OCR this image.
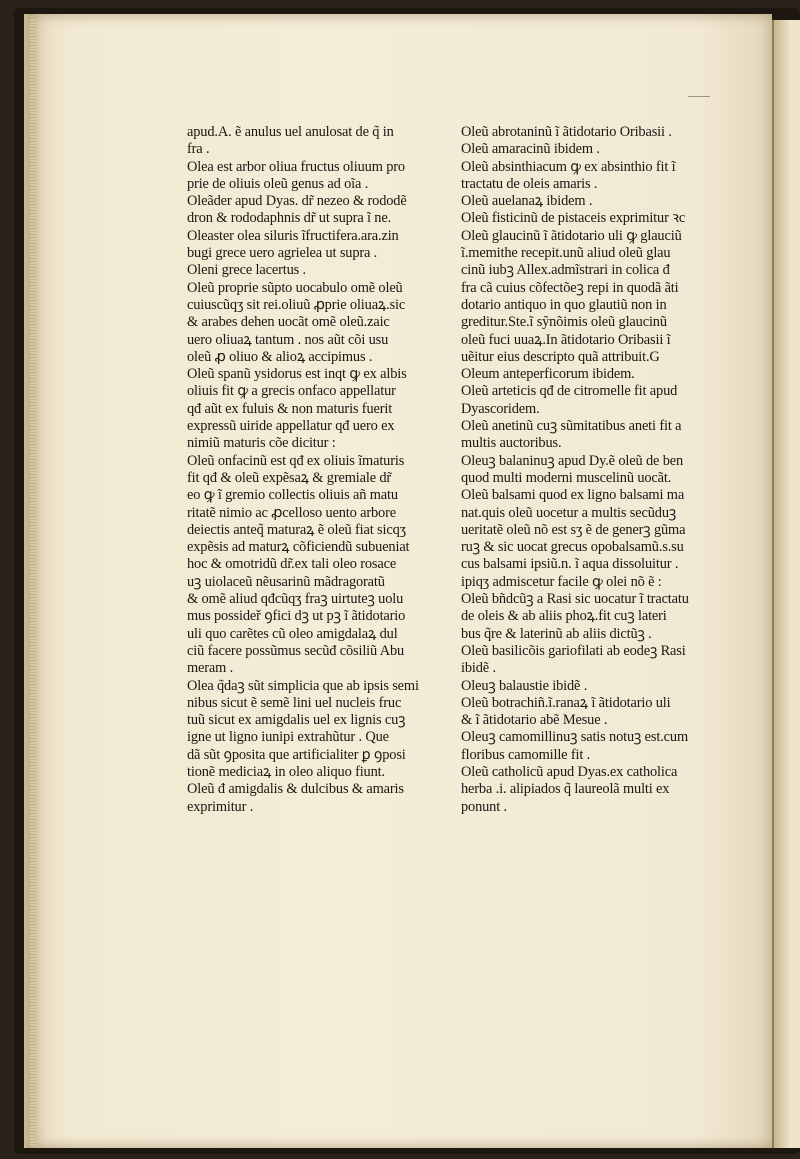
apud.A. ẽ anulus uel anulosat de q̃ in
fra .

Olea est arbor oliua fructus oliuum pro
prie de oliuis oleũ genus ad oĩa .

Oleãder apud Dyas. dr̃ nezeo & rododẽ
dron & rododaphnis dr̃ ut supra ĩ ne.

Oleaster olea siluris ĩfructifera.ara.zin
bugi grece uero agrielea ut supra .

Oleni grece lacertus .

Oleũ proprie sũpto uocabulo omẽ oleũ
cuiuscũqʒ sit rei.oliuũ ꝓprie oliuaꝝ.sic
& arabes dehen uocãt omẽ oleũ.zaic
uero oliuaꝝ tantum . nos aũt cõi usu
oleũ ꝓ oliuo & alioꝝ accipimus .

Oleũ spanũ ysidorus est inqt ꝙ ex albis
oliuis fit ꝙ a grecis onfaco appellatur
qđ aũt ex fuluis & non maturis fuerit
expressũ uiride appellatur qđ uero ex
nimiũ maturis cõe dicitur :

Oleũ onfacinũ est qđ ex oliuis ĩmaturis
fit qđ & oleũ expẽsaꝝ & gremiale dr̃
eo ꝙ ĩ gremio collectis oliuis añ matu
ritatẽ nimio ac ꝓcelloso uento arbore
deiectis anteq̃ maturaꝝ ẽ oleũ fiat sicqʒ
expẽsis ad maturꝝ cõficiendũ subueniat
hoc & omotridũ dr̃.ex tali oleo rosace
uꝫ uiolaceũ nẽusarinũ mãdragoratũ
& omẽ aliud qđcũqʒ fraꝫ uirtuteꝫ uolu
mus possideř ꝯfici dꝫ ut pꝫ ĩ ãtidotario
uli quo carẽtes cũ oleo amigdalaꝝ dul
ciũ facere possũmus secũđ cõsiliũ Abu
meram .

Olea q̃daꝫ sũt simplicia que ab ipsis semi
nibus sicut ẽ semẽ lini uel nucleis fruc
tuũ sicut ex amigdalis uel ex lignis cuꝫ
igne ut ligno iunipi extrahũtur . Que
dã sũt ꝯposita que artificialiter ꝑ ꝯposi
tionẽ mediciaꝝ in oleo aliquo fiunt.

Oleũ đ amigdalis & dulcibus & amaris
exprimitur .

Oleũ abrotaninũ ĩ ãtidotario Oribasii .

Oleũ amaracinũ ibidem .

Oleũ absinthiacum ꝙ ex absinthio fit ĩ
tractatu de oleis amaris .

Oleũ auelanaꝝ ibidem .

Oleũ fisticinũ de pistaceis exprimitur ꝛc

Oleũ glaucinũ ĩ ãtidotario uli ꝙ glauciũ
ĩ.memithe recepit.unũ aliud oleũ glau
cinũ iubꝫ Allex.admĩstrari in colica đ
fra cã cuius cõfectõeꝫ repi in quodã ãti
dotario antiquo in quo glautiũ non in
greditur.Ste.ĩ sỹnõimis oleũ glaucinũ
oleũ fuci uuaꝝ.In ãtidotario Oribasii ĩ
uẽitur eius descripto quã attribuit.G

Oleum anteperficorum ibidem.

Oleũ arteticis qđ de citromelle fit apud
Dyascoridem.

Oleũ anetinũ cuꝫ sũmitatibus aneti fit a
multis auctoribus.

Oleuꝫ balaninuꝫ apud Dy.ẽ oleũ de ben
quod multi moderni muscelinũ uocãt.

Oleũ balsami quod ex ligno balsami ma
nat.quis oleũ uocetur a multis secũduꝫ
ueritatẽ oleũ nõ est sʒ ẽ de generꝫ gũma
ruꝫ & sic uocat grecus opobalsamũ.s.su
cus balsami ipsiũ.n. ĩ aqua dissoluitur .
ipiqʒ admiscetur facile ꝙ olei nõ ẽ :

Oleũ bñdcũꝫ a Rasi sic uocatur ĩ tractatu
de oleis & ab aliis phoꝝ.fit cuꝫ lateri
bus q̃re & laterinũ ab aliis dictũꝫ .

Oleũ basilicõis gariofilati ab eodeꝫ Rasi
ibidẽ .

Oleuꝫ balaustie ibidẽ .

Oleũ botrachiñ.ĩ.ranaꝝ ĩ ãtidotario uli
& ĩ ãtidotario abẽ Mesue .

Oleuꝫ camomillinuꝫ satis notuꝫ est.cum
floribus camomille fit .

Oleũ catholicũ apud Dyas.ex catholica
herba .i. alipiados q̃ laureolã multi ex
ponunt .
